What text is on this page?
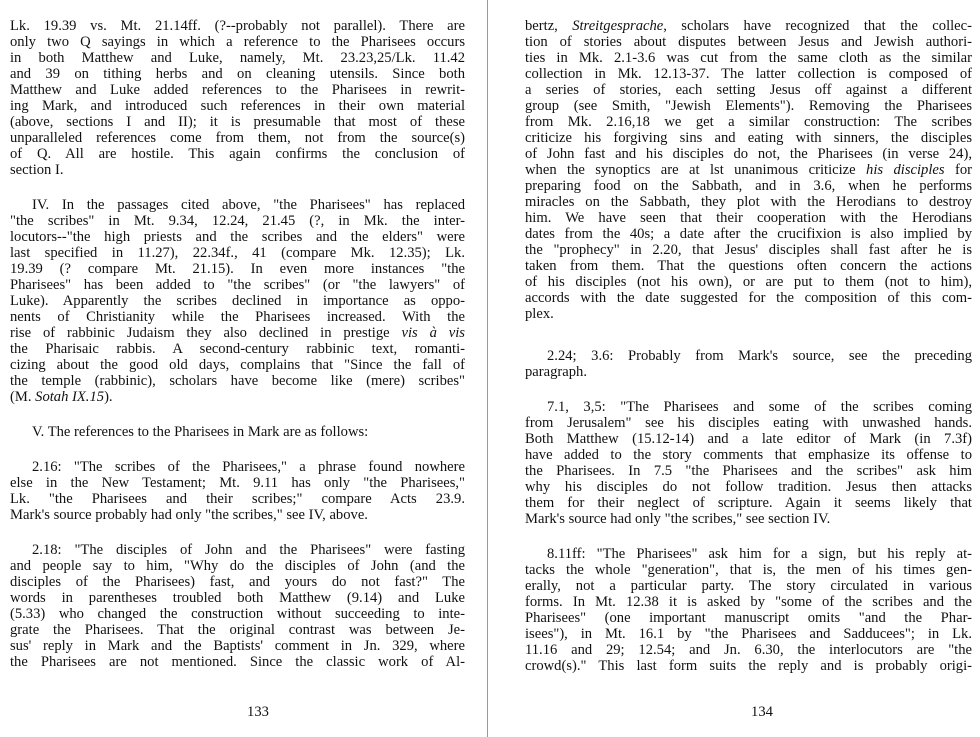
Lk. 19.39 vs. Mt. 21.14ff. (?--probably not parallel). There are
only two Q sayings in which a reference to the Pharisees occurs
in both Matthew and Luke, namely, Mt. 23.23,25/Lk. 11.42
and 39 on tithing herbs and on cleaning utensils. Since both
Matthew and Luke added references to the Pharisees in rewrit-
ing Mark, and introduced such references in their own material
(above, sections I and II); it is presumable that most of these
unparalleled references come from them, not from the source(s)
of Q. All are hostile. This again confirms the conclusion of
section I.
IV. In the passages cited above, "the Pharisees" has replaced
"the scribes" in Mt. 9.34, 12.24, 21.45 (?, in Mk. the inter-
locutors--"the high priests and the scribes and the elders" were
last specified in 11.27), 22.34f., 41 (compare Mk. 12.35); Lk.
19.39 (? compare Mt. 21.15). In even more instances "the
Pharisees" has been added to "the scribes" (or "the lawyers" of
Luke). Apparently the scribes declined in importance as oppo-
nents of Christianity while the Pharisees increased. With the
rise of rabbinic Judaism they also declined in prestige vis à vis
the Pharisaic rabbis. A second-century rabbinic text, romanti-
cizing about the good old days, complains that "Since the fall of
the temple (rabbinic), scholars have become like (mere) scribes"
(M. Sotah IX.15).
V. The references to the Pharisees in Mark are as follows:
2.16: "The scribes of the Pharisees," a phrase found nowhere
else in the New Testament; Mt. 9.11 has only "the Pharisees,"
Lk. "the Pharisees and their scribes;" compare Acts 23.9.
Mark's source probably had only "the scribes," see IV, above.
2.18: "The disciples of John and the Pharisees" were fasting
and people say to him, "Why do the disciples of John (and the
disciples of the Pharisees) fast, and yours do not fast?" The
words in parentheses troubled both Matthew (9.14) and Luke
(5.33) who changed the construction without succeeding to inte-
grate the Pharisees. That the original contrast was between Je-
sus' reply in Mark and the Baptists' comment in Jn. 329, where
the Pharisees are not mentioned. Since the classic work of Al-
133
bertz, Streitgesprache, scholars have recognized that the collec-
tion of stories about disputes between Jesus and Jewish authori-
ties in Mk. 2.1-3.6 was cut from the same cloth as the similar
collection in Mk. 12.13-37. The latter collection is composed of
a series of stories, each setting Jesus off against a different
group (see Smith, "Jewish Elements"). Removing the Pharisees
from Mk. 2.16,18 we get a similar construction: The scribes
criticize his forgiving sins and eating with sinners, the disciples
of John fast and his disciples do not, the Pharisees (in verse 24),
when the synoptics are at lst unanimous criticize his disciples for
preparing food on the Sabbath, and in 3.6, when he performs
miracles on the Sabbath, they plot with the Herodians to destroy
him. We have seen that their cooperation with the Herodians
dates from the 40s; a date after the crucifixion is also implied by
the "prophecy" in 2.20, that Jesus' disciples shall fast after he is
taken from them. That the questions often concern the actions
of his disciples (not his own), or are put to them (not to him),
accords with the date suggested for the composition of this com-
plex.
2.24; 3.6: Probably from Mark's source, see the preceding
paragraph.
7.1, 3,5: "The Pharisees and some of the scribes coming
from Jerusalem" see his disciples eating with unwashed hands.
Both Matthew (15.12-14) and a late editor of Mark (in 7.3f)
have added to the story comments that emphasize its offense to
the Pharisees. In 7.5 "the Pharisees and the scribes" ask him
why his disciples do not follow tradition. Jesus then attacks
them for their neglect of scripture. Again it seems likely that
Mark's source had only "the scribes," see section IV.
8.11ff: "The Pharisees" ask him for a sign, but his reply at-
tacks the whole "generation", that is, the men of his times gen-
erally, not a particular party. The story circulated in various
forms. In Mt. 12.38 it is asked by "some of the scribes and the
Pharisees" (one important manuscript omits "and the Phar-
isees"), in Mt. 16.1 by "the Pharisees and Sadducees"; in Lk.
11.16 and 29; 12.54; and Jn. 6.30, the interlocutors are "the
crowd(s)." This last form suits the reply and is probably origi-
134
